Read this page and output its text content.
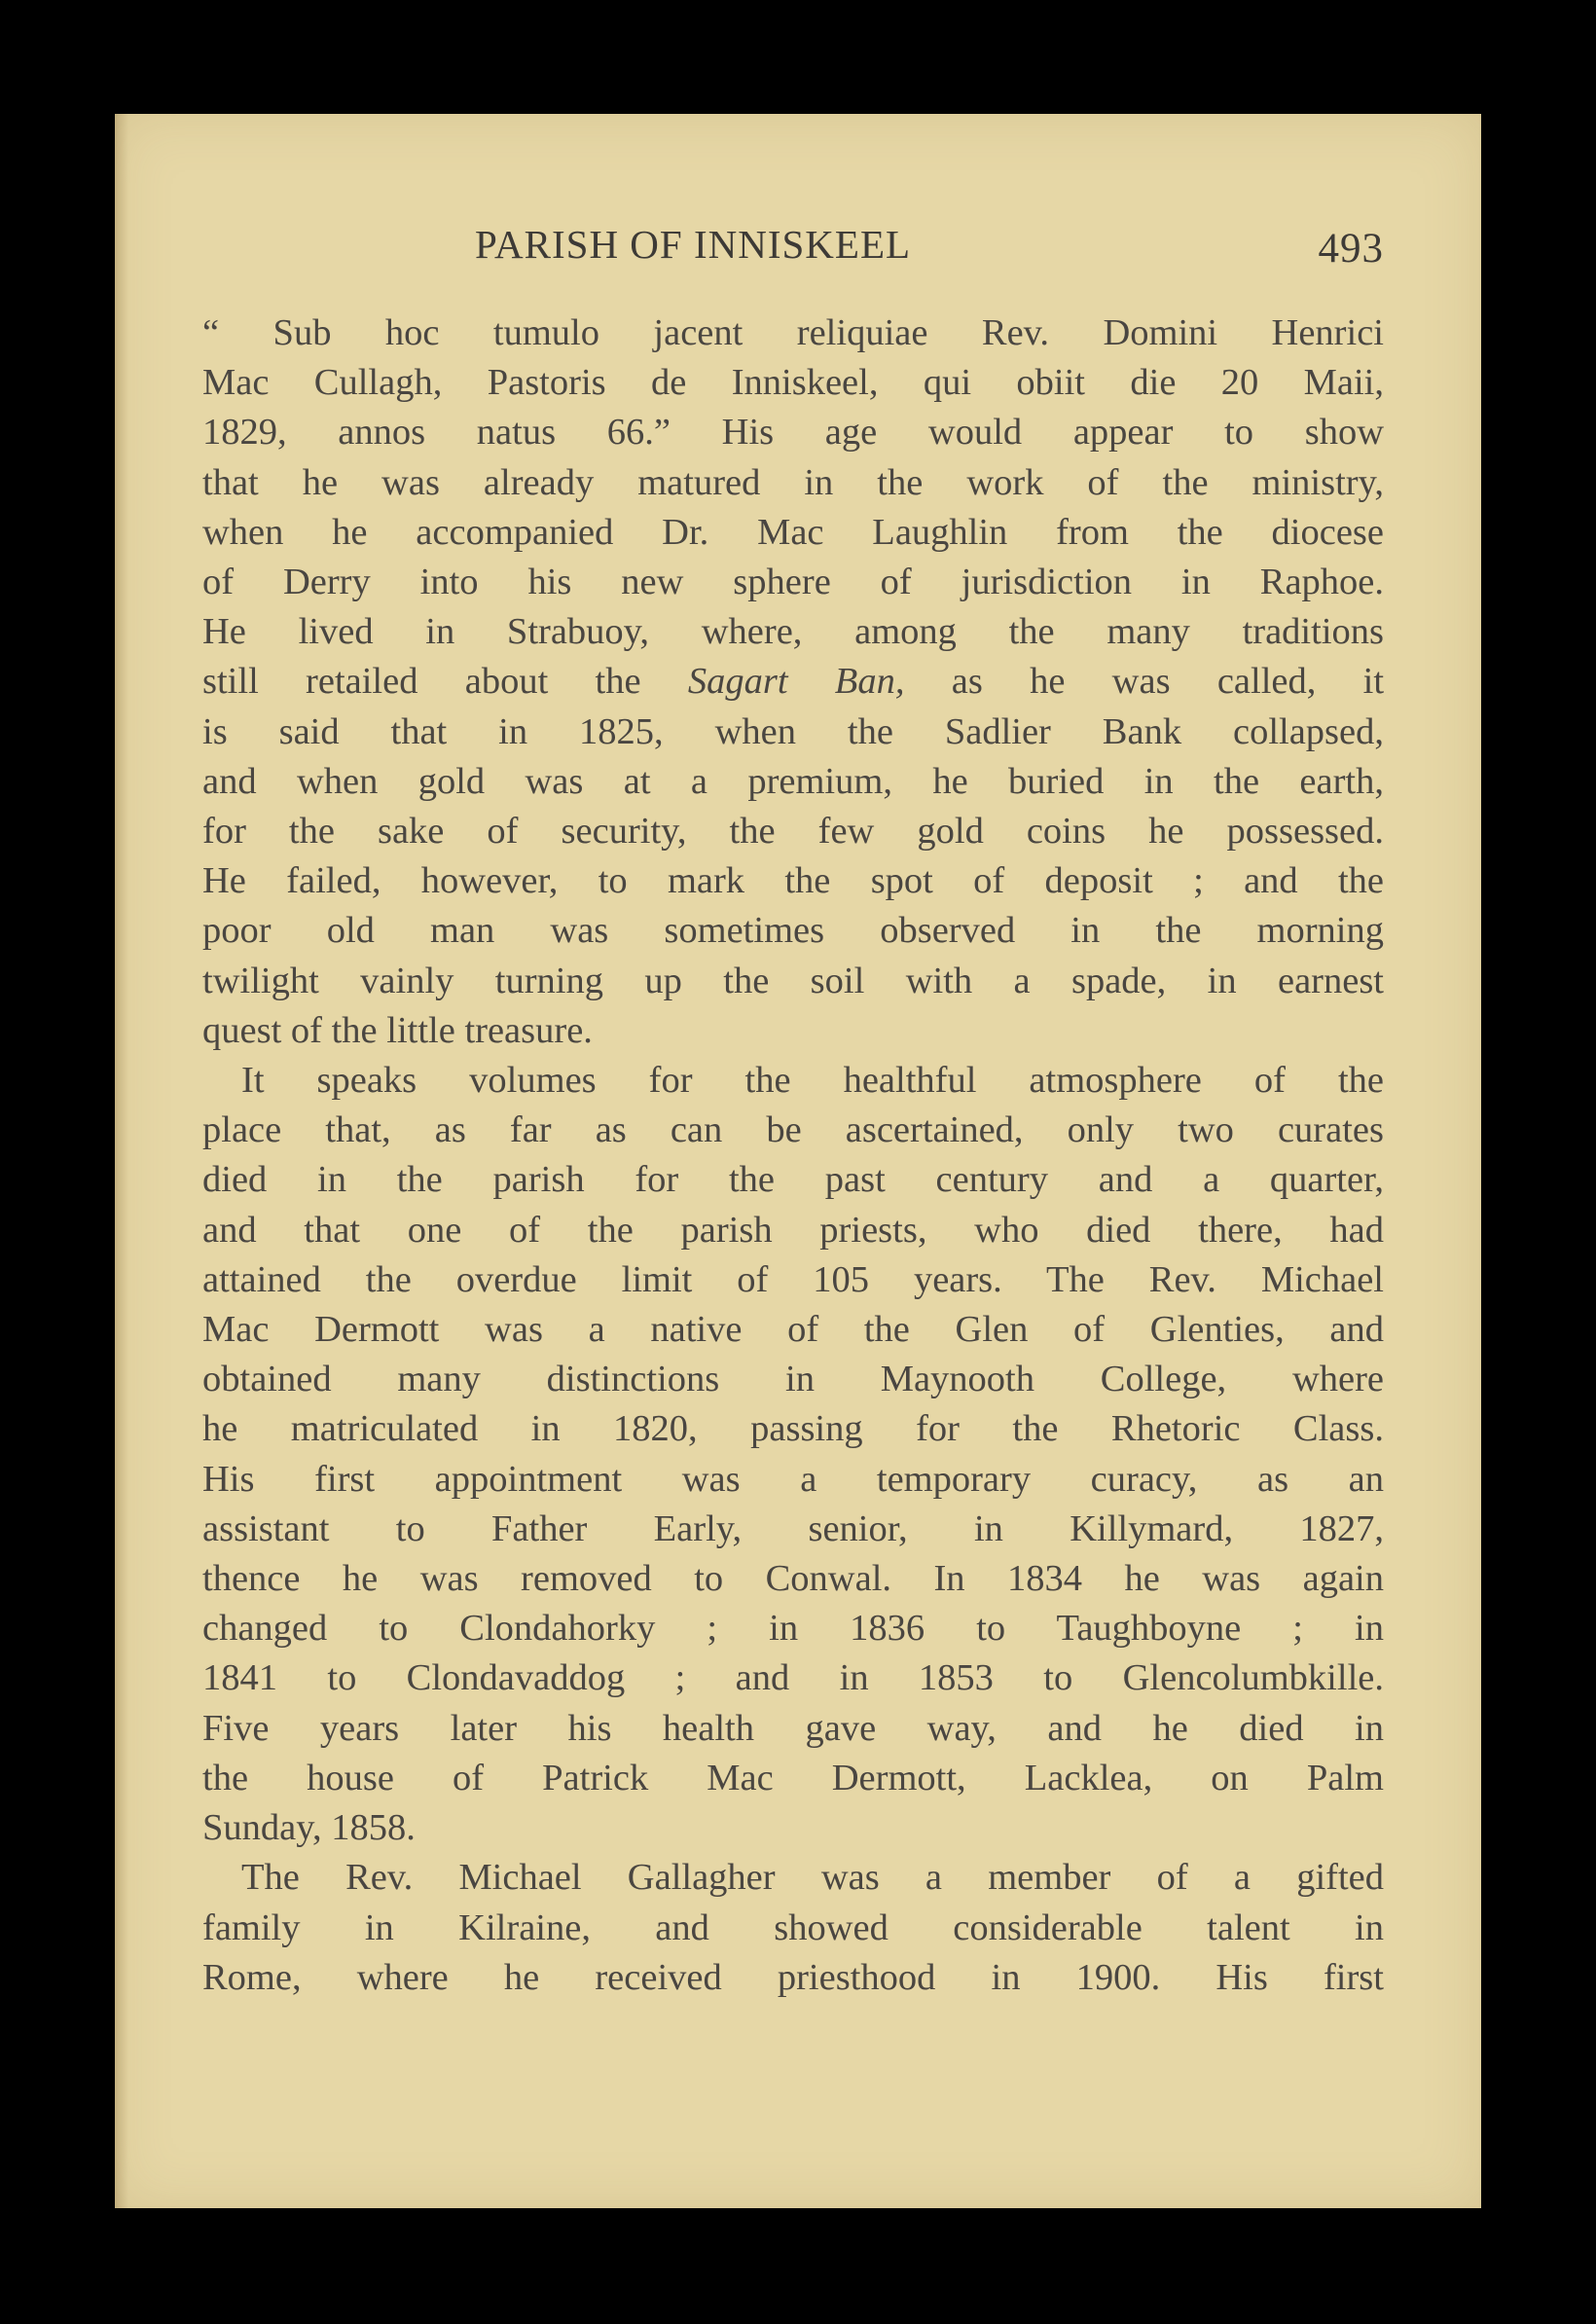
PARISH OF INNISKEEL	493
“ Sub hoc tumulo jacent reliquiae Rev. Domini Henrici
Mac Cullagh, Pastoris de Inniskeel, qui obiit die 20 Maii,
1829, annos natus 66.” His age would appear to show
that he was already matured in the work of the ministry,
when he accompanied Dr. Mac Laughlin from the diocese
of Derry into his new sphere of jurisdiction in Raphoe.
He lived in Strabuoy, where, among the many traditions
still retailed about the Sagart Ban, as he was called, it
is said that in 1825, when the Sadlier Bank collapsed,
and when gold was at a premium, he buried in the earth,
for the sake of security, the few gold coins he possessed.
He failed, however, to mark the spot of deposit ; and the
poor old man was sometimes observed in the morning
twilight vainly turning up the soil with a spade, in earnest
quest of the little treasure.
It speaks volumes for the healthful atmosphere of the
place that, as far as can be ascertained, only two curates
died in the parish for the past century and a quarter,
and that one of the parish priests, who died there, had
attained the overdue limit of 105 years. The Rev. Michael
Mac Dermott was a native of the Glen of Glenties, and
obtained many distinctions in Maynooth College, where
he matriculated in 1820, passing for the Rhetoric Class.
His first appointment was a temporary curacy, as an
assistant to Father Early, senior, in Killymard, 1827,
thence he was removed to Conwal. In 1834 he was again
changed to Clondahorky ; in 1836 to Taughboyne ; in
1841 to Clondavaddog ; and in 1853 to Glencolumbkille.
Five years later his health gave way, and he died in
the house of Patrick Mac Dermott, Lacklea, on Palm
Sunday, 1858.
The Rev. Michael Gallagher was a member of a gifted
family in Kilraine, and showed considerable talent in
Rome, where he received priesthood in 1900. His first
